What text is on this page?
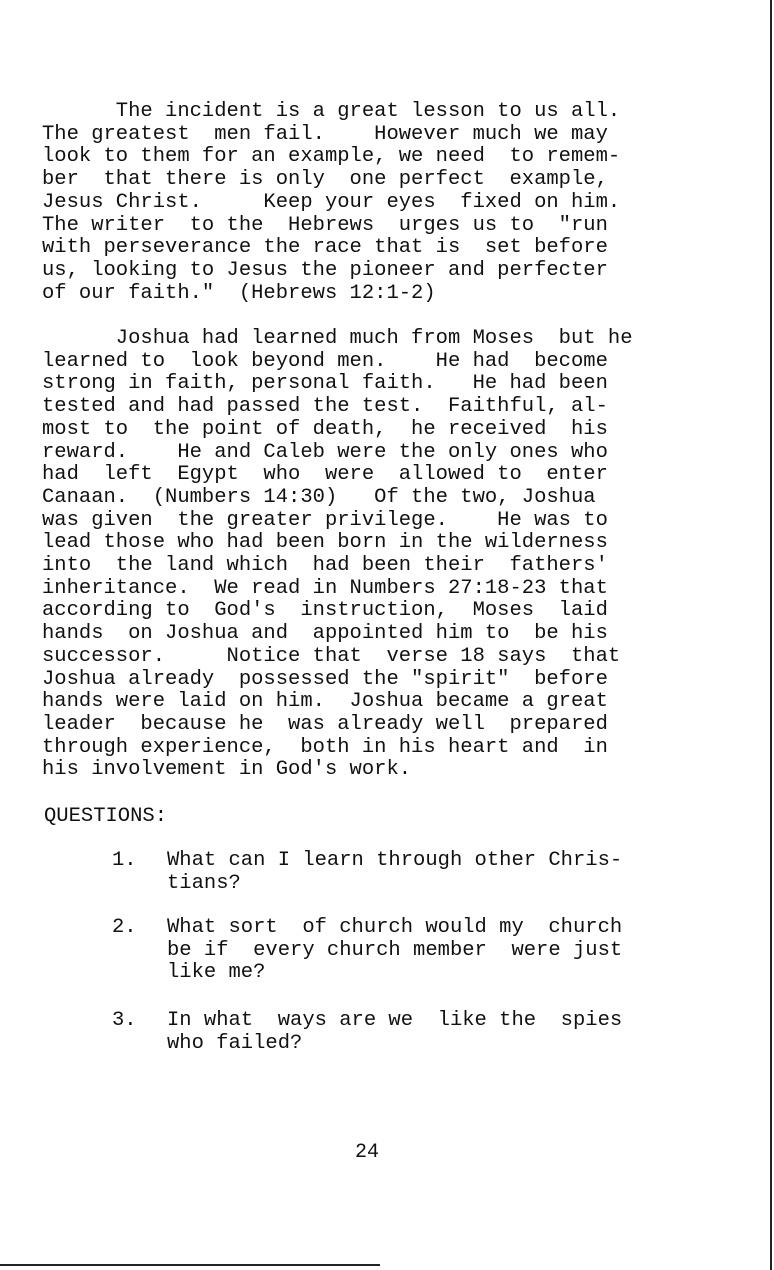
The incident is a great lesson to us all.
The greatest  men fail.    However much we may
look to them for an example, we need  to remem-
ber  that there is only  one perfect  example,
Jesus Christ.     Keep your eyes  fixed on him.
The writer  to the  Hebrews  urges us to  "run
with perseverance the race that is  set before
us, looking to Jesus the pioneer and perfecter
of our faith."  (Hebrews 12:1-2)
Joshua had learned much from Moses  but he
learned to  look beyond men.    He had  become
strong in faith, personal faith.   He had been
tested and had passed the test.  Faithful, al-
most to  the point of death,  he received  his
reward.    He and Caleb were the only ones who
had  left  Egypt  who  were  allowed to  enter
Canaan.  (Numbers 14:30)   Of the two, Joshua
was given  the greater privilege.    He was to
lead those who had been born in the wilderness
into  the land which  had been their  fathers'
inheritance.  We read in Numbers 27:18-23 that
according to  God's  instruction,  Moses  laid
hands  on Joshua and  appointed him to  be his
successor.     Notice that  verse 18 says  that
Joshua already  possessed the "spirit"  before
hands were laid on him.  Joshua became a great
leader  because he  was already well  prepared
through experience,  both in his heart and  in
his involvement in God's work.
QUESTIONS:
1. What can I learn through other Chris-
tians?
2. What sort  of church would my  church
be if  every church member  were just
like me?
3. In what  ways are we  like the  spies
who failed?
24
